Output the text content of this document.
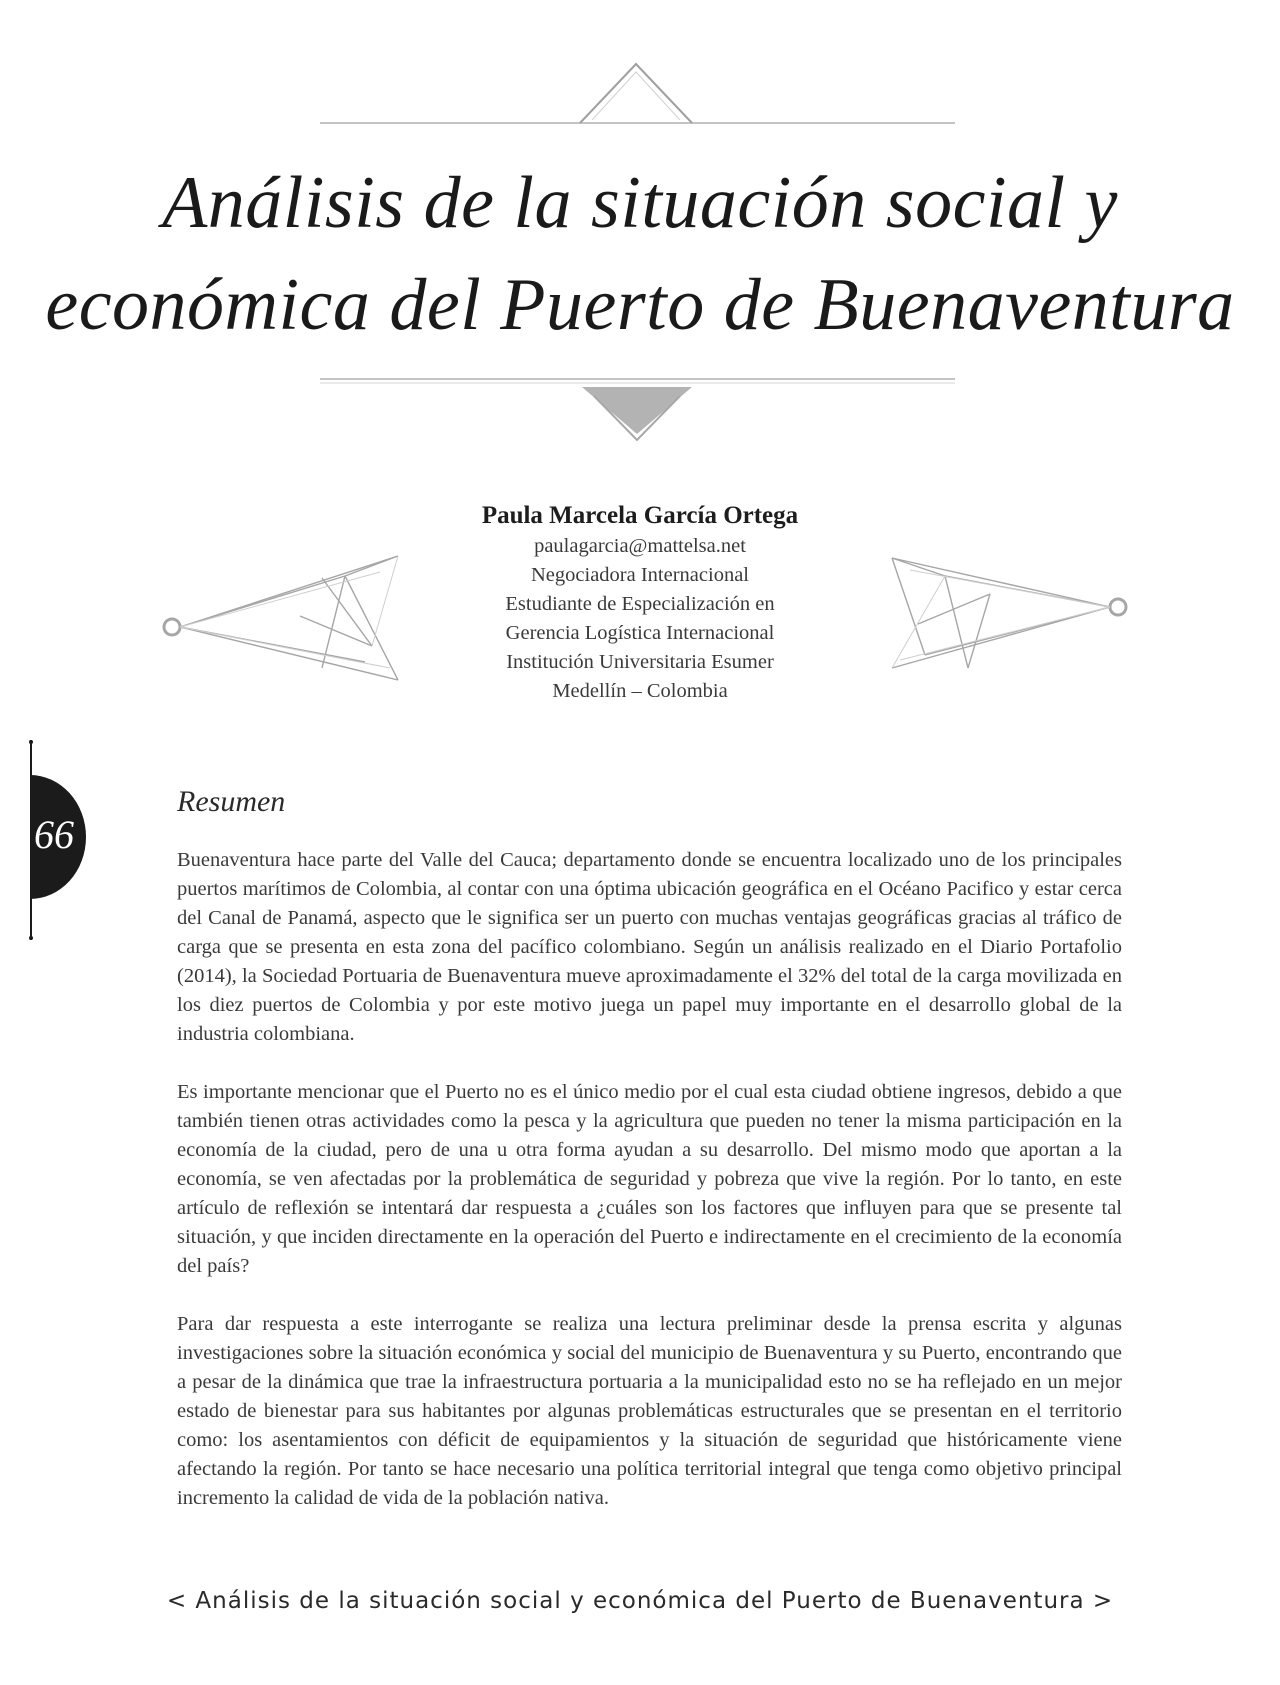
Análisis de la situación social y
económica del Puerto de Buenaventura
Paula Marcela García Ortega
paulagarcia@mattelsa.net
Negociadora Internacional
Estudiante de Especialización en
Gerencia Logística Internacional
Institución Universitaria Esumer
Medellín – Colombia
66
Resumen

Buenaventura hace parte del Valle del Cauca; departamento donde se encuentra localizado uno de los principales puertos marítimos de Colombia, al contar con una óptima ubicación geográfica en el Océano Pacifico y estar cerca del Canal de Panamá, aspecto que le significa ser un puerto con muchas ventajas geográficas gracias al tráfico de carga que se presenta en esta zona del pacífico colombiano. Según un análisis realizado en el Diario Portafolio (2014), la Sociedad Portuaria de Buenaventura mueve aproximadamente el 32% del total de la carga movilizada en los diez puertos de Colombia y por este motivo juega un papel muy importante en el desarrollo global de la industria colombiana.

Es importante mencionar que el Puerto no es el único medio por el cual esta ciudad obtiene ingresos, debido a que también tienen otras actividades como la pesca y la agricultura que pueden no tener la misma participación en la economía de la ciudad, pero de una u otra forma ayudan a su desarrollo. Del mismo modo que aportan a la economía, se ven afectadas por la problemática de seguridad y pobreza que vive la región. Por lo tanto, en este artículo de reflexión se intentará dar respuesta a ¿cuáles son los factores que influyen para que se presente tal situación, y que inciden directamente en la operación del Puerto e indirectamente en el crecimiento de la economía del país?

Para dar respuesta a este interrogante se realiza una lectura preliminar desde la prensa escrita y algunas investigaciones sobre la situación económica y social del municipio de Buenaventura y su Puerto, encontrando que a pesar de la dinámica que trae la infraestructura portuaria a la municipalidad esto no se ha reflejado en un mejor estado de bienestar para sus habitantes por algunas problemáticas estructurales que se presentan en el territorio como: los asentamientos con déficit de equipamientos y la situación de seguridad que históricamente viene afectando la región. Por tanto se hace necesario una política territorial integral que tenga como objetivo principal incremento la calidad de vida de la población nativa.

< Análisis de la situación social y económica del Puerto de Buenaventura >
